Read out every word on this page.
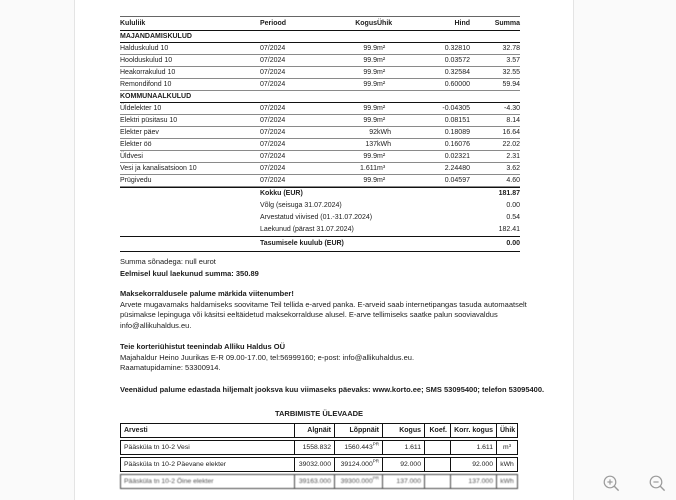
Kululiik	Periood	Kogus	Ühik	Hind	Summa
MAJANDAMISKULUD					
Halduskulud 10	07/2024	99.9	m²	0.32810	32.78
Hoolduskulud 10	07/2024	99.9	m²	0.03572	3.57
Heakorrakulud 10	07/2024	99.9	m²	0.32584	32.55
Remondifond 10	07/2024	99.9	m²	0.60000	59.94
KOMMUNAALKULUD					
Üldelekter 10	07/2024	99.9	m²	-0.04305	-4.30
Elektri püsitasu 10	07/2024	99.9	m²	0.08151	8.14
Elekter päev	07/2024	92	kWh	0.18089	16.64
Elekter öö	07/2024	137	kWh	0.16076	22.02
Üldvesi	07/2024	99.9	m²	0.02321	2.31
Vesi ja kanalisatsioon 10	07/2024	1.611	m³	2.24480	3.62
Prügivedu	07/2024	99.9	m²	0.04597	4.60
	Kokku (EUR)	181.87
	Võlg (seisuga 31.07.2024)	0.00
	Arvestatud viivised (01.-31.07.2024)	0.54
	Laekunud (pärast 31.07.2024)	182.41
	Tasumisele kuulub (EUR)	0.00
Summa sõnadega: null eurot
Eelmisel kuul laekunud summa: 350.89
Maksekorraldusele palume märkida viitenumber!
Arvete mugavamaks haldamiseks soovitame Teil tellida e-arved panka. E-arveid saab internetipangas tasuda automaatselt püsimakse lepinguga või käsitsi eeltäidetud maksekorralduse alusel. E-arve tellimiseks saatke palun sooviavaldus info@allikuhaldus.eu.
Teie korteriühistut teenindab Alliku Haldus OÜ
Majahaldur Heino Juurikas E-R 09.00-17.00, tel:56999160; e-post: info@allikuhaldus.eu.
Raamatupidamine: 53300914.
Veenäidud palume edastada hiljemalt jooksva kuu viimaseks päevaks: www.korto.ee; SMS 53095400; telefon 53095400.
TARBIMISTE ÜLEVAADE
Arvesti	Algnäit	Lõppnäit	Kogus	Koef.	Korr. kogus	Ühik
Pääsküla tn 10-2 Vesi	1558.832	$1560.443^{PR}$	1.611		1.611	m³
Pääsküla tn 10-2 Päevane elekter	39032.000	$39124.000^{PR}$	92.000		92.000	kWh
Pääsküla tn 10-2 Öine elekter	39163.000	$39300.000^{PR}$	137.000		137.000	kWh
